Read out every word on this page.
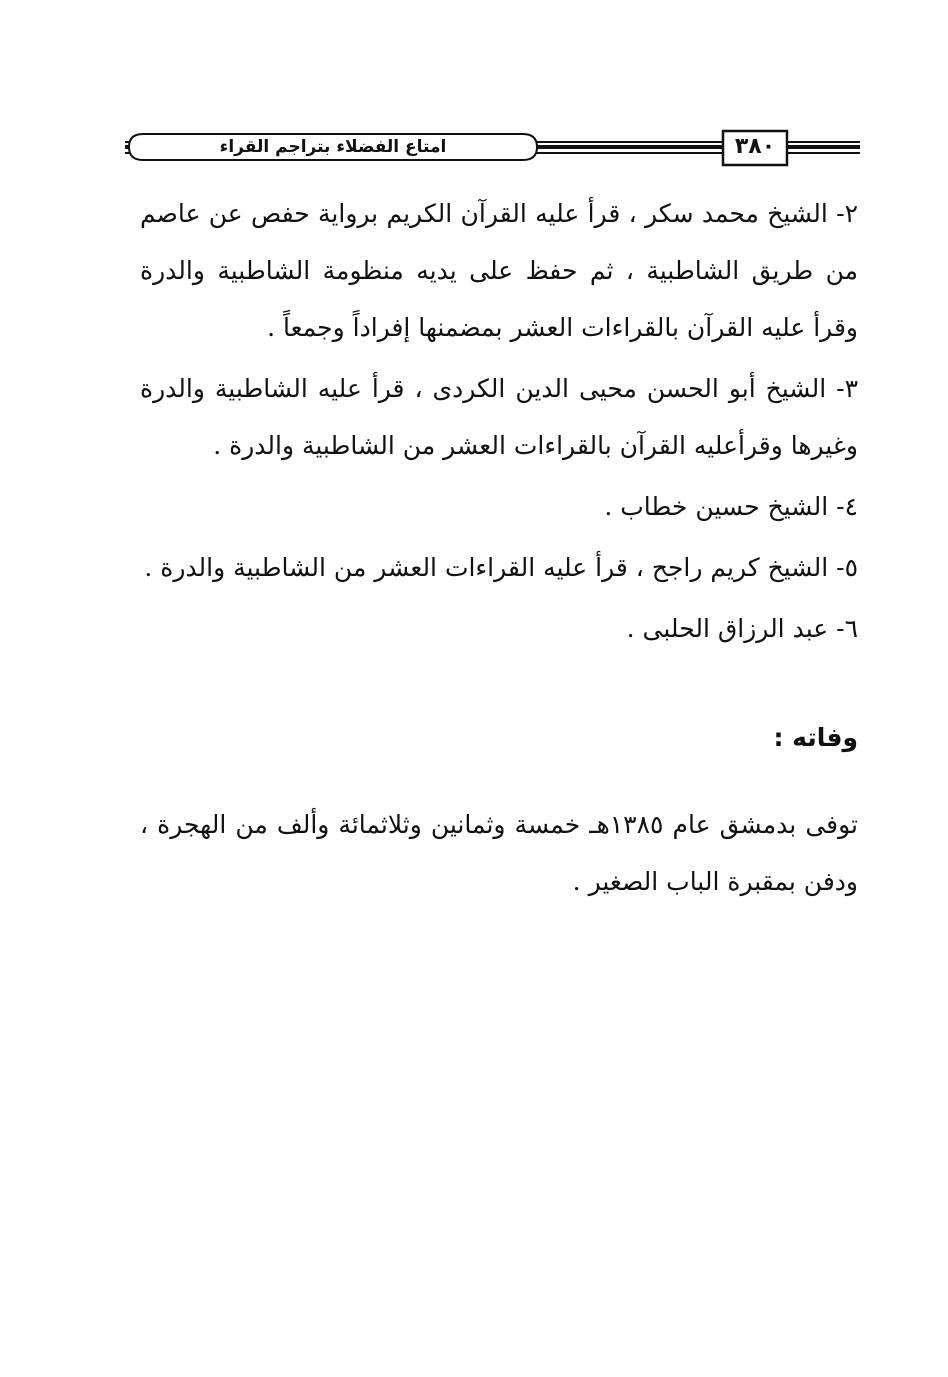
امتاع الفضلاء بتراجم القراء	٣٨٠

٢- الشيخ محمد سكر ، قرأ عليه القرآن الكريم برواية حفص عن عاصم من طريق الشاطبية ، ثم حفظ على يديه منظومة الشاطبية والدرة وقرأ عليه القرآن بالقراءات العشر بمضمنها إفراداً وجمعاً .

٣- الشيخ أبو الحسن محيى الدين الكردى ، قرأ عليه الشاطبية والدرة وغيرها وقرأعليه القرآن بالقراءات العشر من الشاطبية والدرة .

٤- الشيخ حسين خطاب .

٥- الشيخ كريم راجح ، قرأ عليه القراءات العشر من الشاطبية والدرة .

٦- عبد الرزاق الحلبى .

وفاته :

توفى بدمشق عام ١٣٨٥هـ خمسة وثمانين وثلاثمائة وألف من الهجرة ، ودفن بمقبرة الباب الصغير .
